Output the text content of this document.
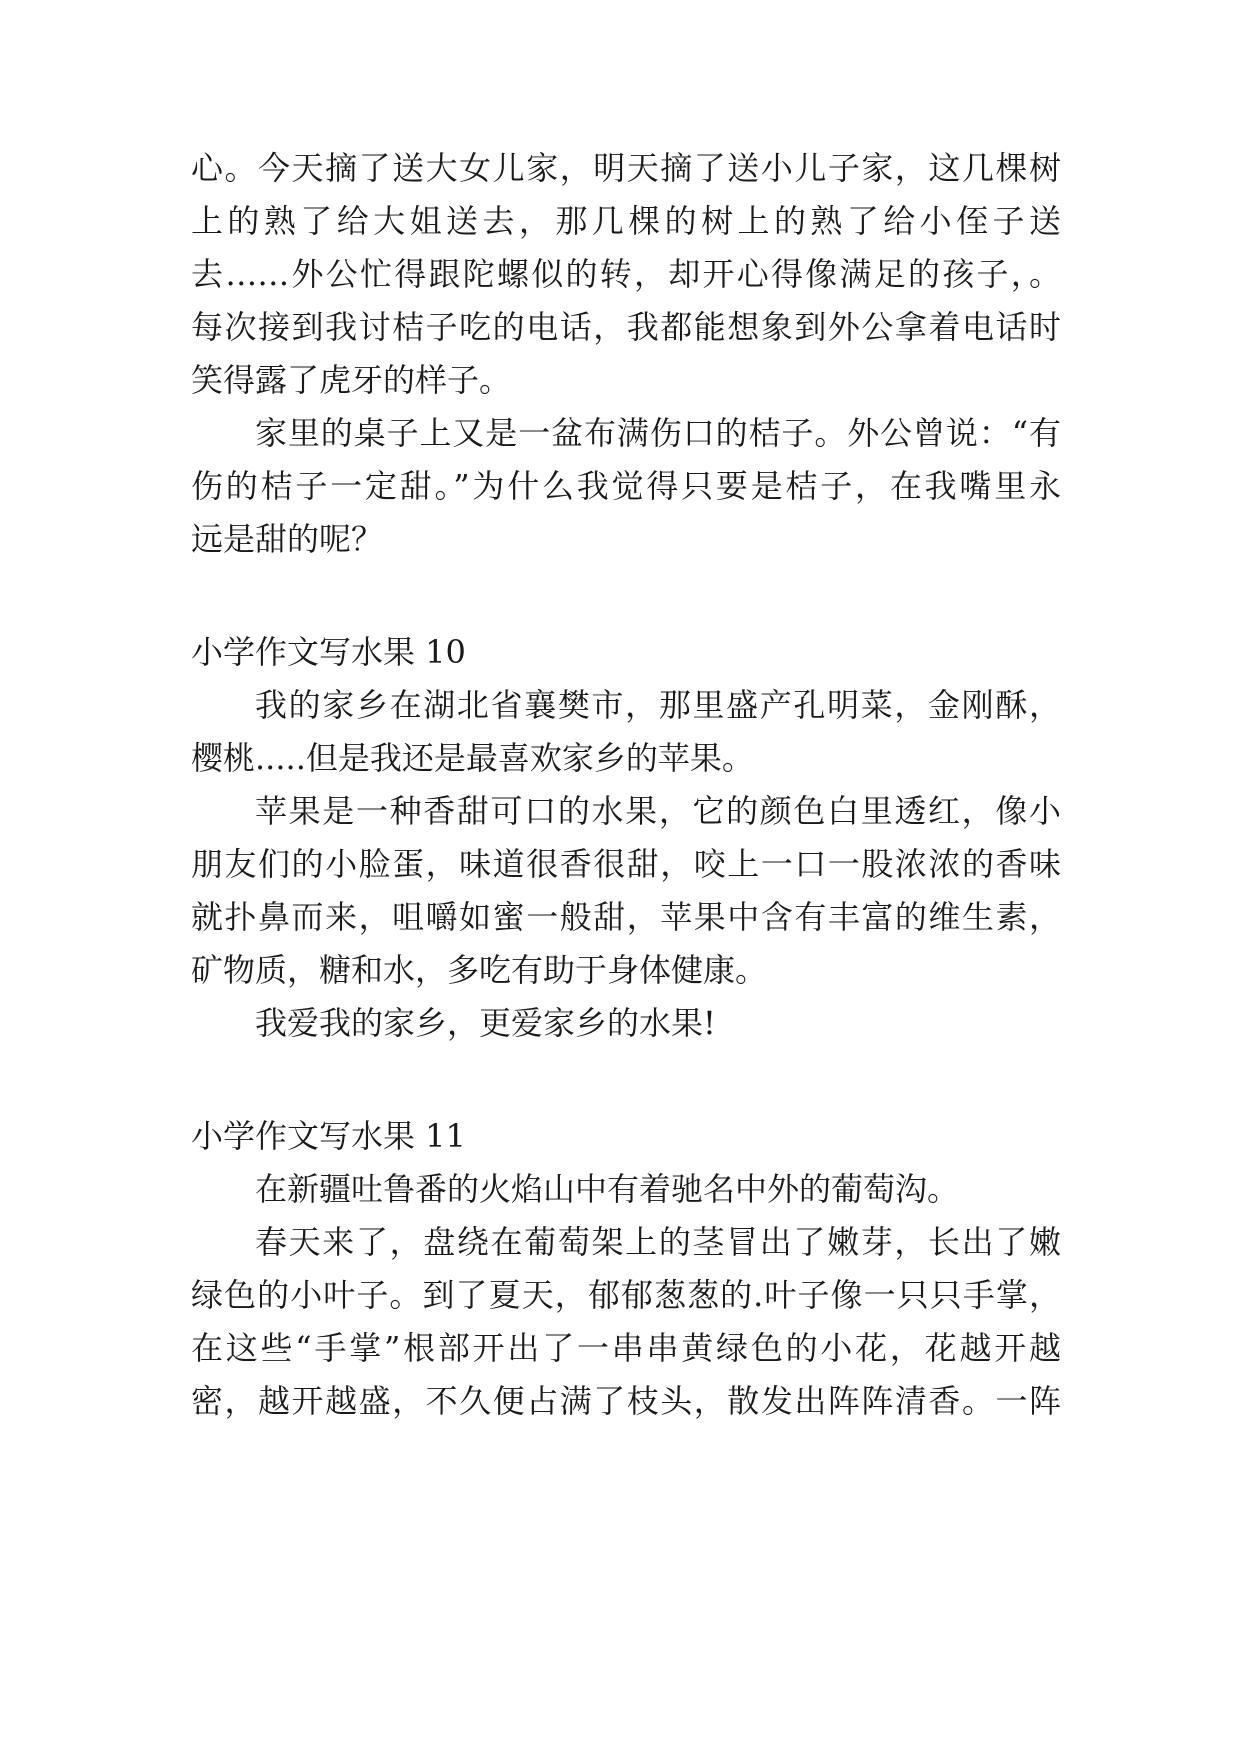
心。今天摘了送大女儿家，明天摘了送小儿子家，这几棵树
上的熟了给大姐送去，那几棵的树上的熟了给小侄子送
去……外公忙得跟陀螺似的转，却开心得像满足的孩子，。
每次接到我讨桔子吃的电话，我都能想象到外公拿着电话时
笑得露了虎牙的样子。
家里的桌子上又是一盆布满伤口的桔子。外公曾说：“有
伤的桔子一定甜。”为什么我觉得只要是桔子，在我嘴里永
远是甜的呢？
小学作文写水果 10
我的家乡在湖北省襄樊市，那里盛产孔明菜，金刚酥，
樱桃.....但是我还是最喜欢家乡的苹果。
苹果是一种香甜可口的水果，它的颜色白里透红，像小
朋友们的小脸蛋，味道很香很甜，咬上一口一股浓浓的香味
就扑鼻而来，咀嚼如蜜一般甜，苹果中含有丰富的维生素，
矿物质，糖和水，多吃有助于身体健康。
我爱我的家乡，更爱家乡的水果!
小学作文写水果 11
在新疆吐鲁番的火焰山中有着驰名中外的葡萄沟。
春天来了，盘绕在葡萄架上的茎冒出了嫩芽，长出了嫩
绿色的小叶子。到了夏天，郁郁葱葱的.叶子像一只只手掌，
在这些“手掌”根部开出了一串串黄绿色的小花，花越开越
密，越开越盛，不久便占满了枝头，散发出阵阵清香。一阵
